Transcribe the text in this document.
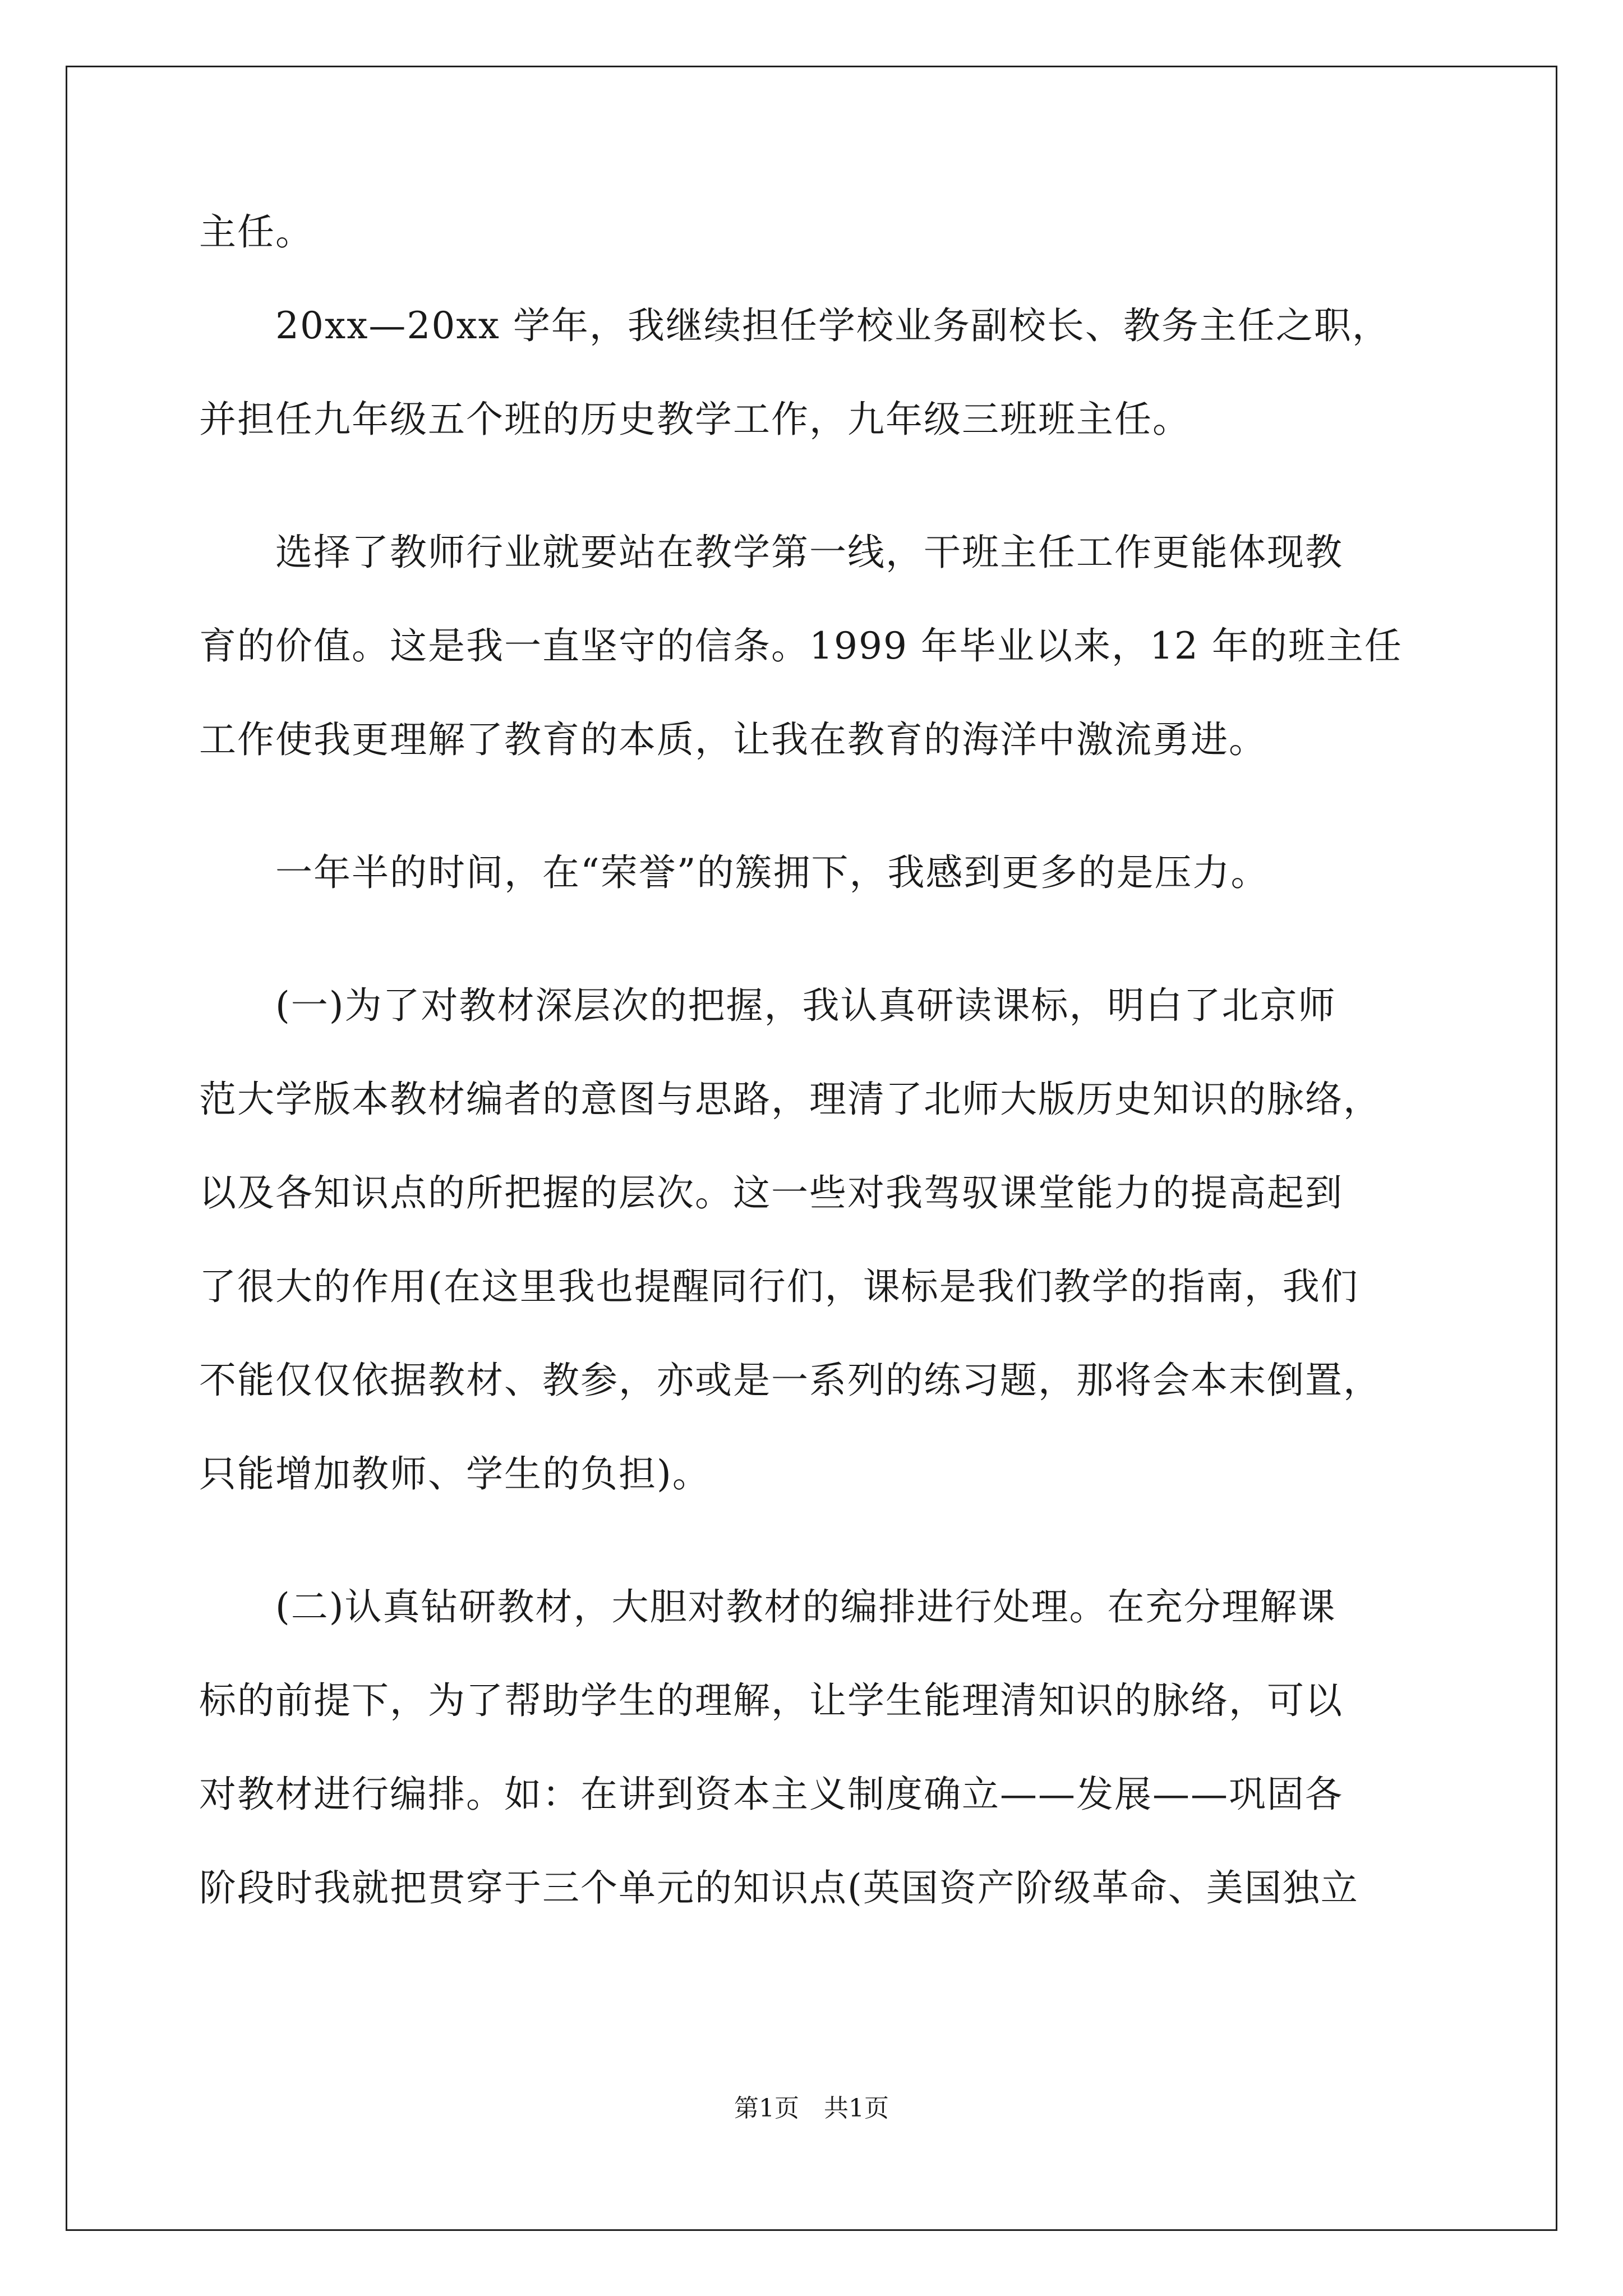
主任。
　　20xx—20xx 学年，我继续担任学校业务副校长、教务主任之职，
并担任九年级五个班的历史教学工作，九年级三班班主任。
　　选择了教师行业就要站在教学第一线，干班主任工作更能体现教
育的价值。这是我一直坚守的信条。1999 年毕业以来，12 年的班主任
工作使我更理解了教育的本质，让我在教育的海洋中激流勇进。
　　一年半的时间，在“荣誉”的簇拥下，我感到更多的是压力。
　　(一)为了对教材深层次的把握，我认真研读课标，明白了北京师
范大学版本教材编者的意图与思路，理清了北师大版历史知识的脉络，
以及各知识点的所把握的层次。这一些对我驾驭课堂能力的提高起到
了很大的作用(在这里我也提醒同行们，课标是我们教学的指南，我们
不能仅仅依据教材、教参，亦或是一系列的练习题，那将会本末倒置，
只能增加教师、学生的负担)。
　　(二)认真钻研教材，大胆对教材的编排进行处理。在充分理解课
标的前提下，为了帮助学生的理解，让学生能理清知识的脉络，可以
对教材进行编排。如：在讲到资本主义制度确立——发展——巩固各
阶段时我就把贯穿于三个单元的知识点(英国资产阶级革命、美国独立
第1页　共1页
